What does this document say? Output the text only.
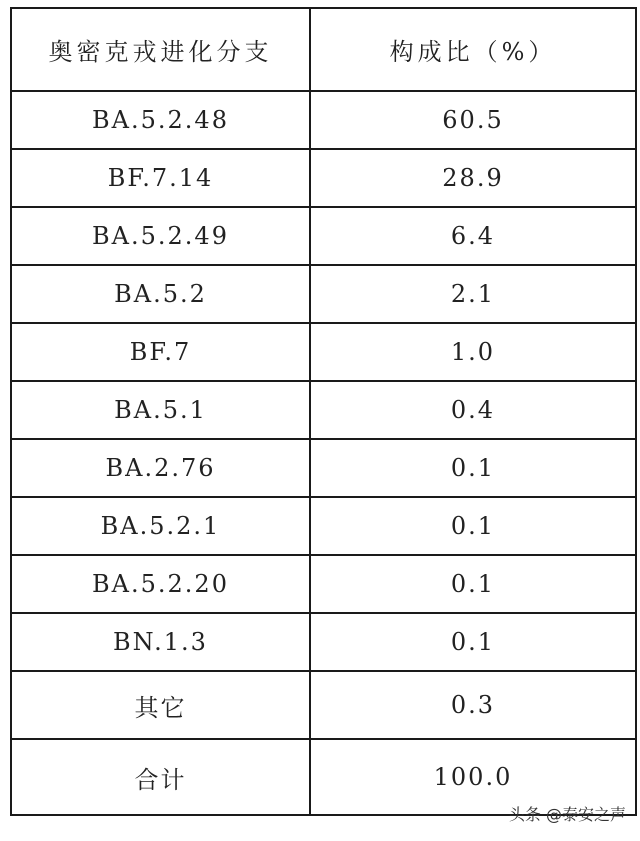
奥密克戎进化分支	构成比（%）
BA.5.2.48	60.5
BF.7.14	28.9
BA.5.2.49	6.4
BA.5.2	2.1
BF.7	1.0
BA.5.1	0.4
BA.2.76	0.1
BA.5.2.1	0.1
BA.5.2.20	0.1
BN.1.3	0.1
其它	0.3
合计	100.0
头条 @泰安之声
